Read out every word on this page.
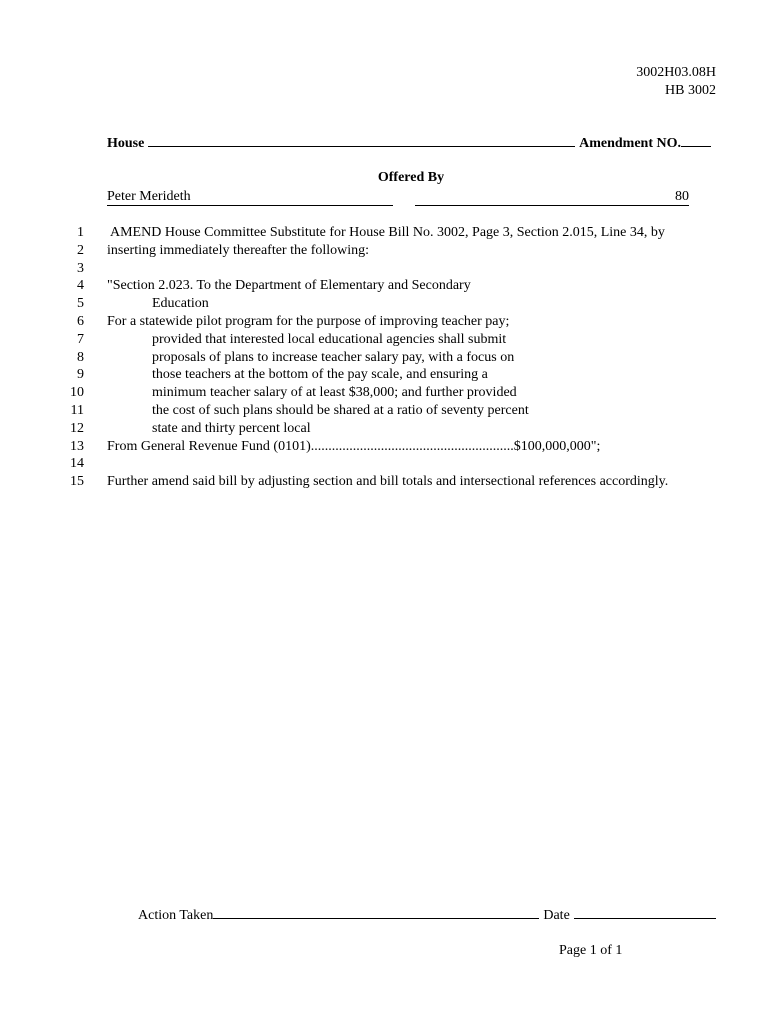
3002H03.08H
HB 3002
House	Amendment NO.
Offered By
Peter Merideth	80
1 AMEND House Committee Substitute for House Bill No. 3002, Page 3, Section 2.015, Line 34, by
2 inserting immediately thereafter the following:
3
4 "Section 2.023. To the Department of Elementary and Secondary
5	Education
6 For a statewide pilot program for the purpose of improving teacher pay;
7	provided that interested local educational agencies shall submit
8	proposals of plans to increase teacher salary pay, with a focus on
9	those teachers at the bottom of the pay scale, and ensuring a
10	minimum teacher salary of at least $38,000; and further provided
11	the cost of such plans should be shared at a ratio of seventy percent
12	state and thirty percent local
13 From General Revenue Fund (0101)..........................................................$100,000,000";
14
15 Further amend said bill by adjusting section and bill totals and intersectional references accordingly.
Action Taken	Date
Page 1 of 1
